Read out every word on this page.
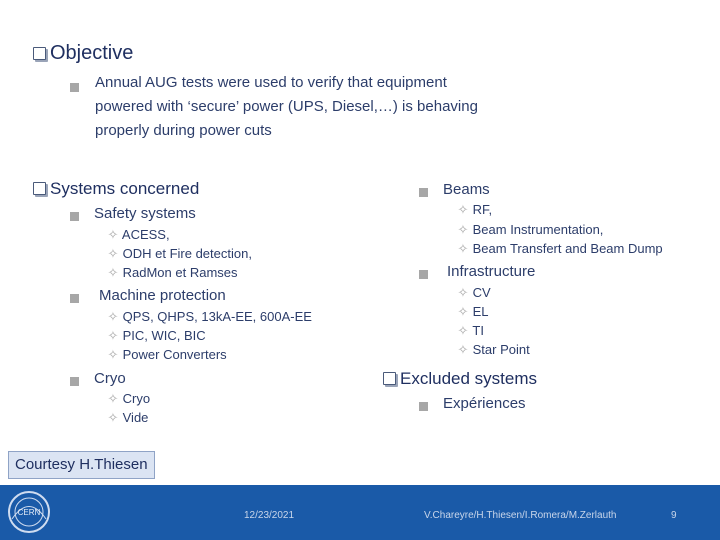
Objective
Annual AUG tests were used to verify that equipment
powered with ‘secure’ power (UPS, Diesel,…) is behaving
properly during power cuts
Systems concerned
Safety systems
✧ ACESS,
✧ ODH et Fire detection,
✧ RadMon et Ramses
Machine protection
✧ QPS, QHPS, 13kA-EE, 600A-EE
✧ PIC, WIC, BIC
✧ Power Converters
Cryo
✧ Cryo
✧ Vide
Beams
✧ RF,
✧ Beam Instrumentation,
✧ Beam Transfert and Beam Dump
Infrastructure
✧ CV
✧ EL
✧ TI
✧ Star Point
Excluded systems
Expériences
Courtesy H.Thiesen
CERN	12/23/2021	V.Chareyre/H.Thiesen/I.Romera/M.Zerlauth	9
